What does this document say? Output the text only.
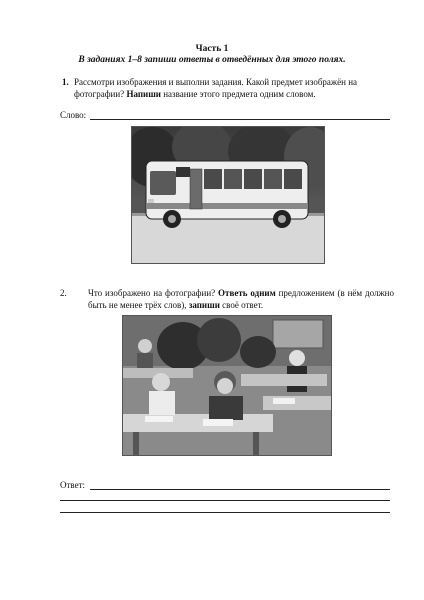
Часть 1
В заданиях 1–8 запиши ответы в отведённых для этого полях.
1. Рассмотри изображения и выполни задания. Какой предмет изображён на фотографии? Напиши название этого предмета одним словом.
Слово:
2.	Что изображено на фотографии? Ответь одним предложением (в нём должно быть не менее трёх слов), запиши своё ответ.
Ответ:
